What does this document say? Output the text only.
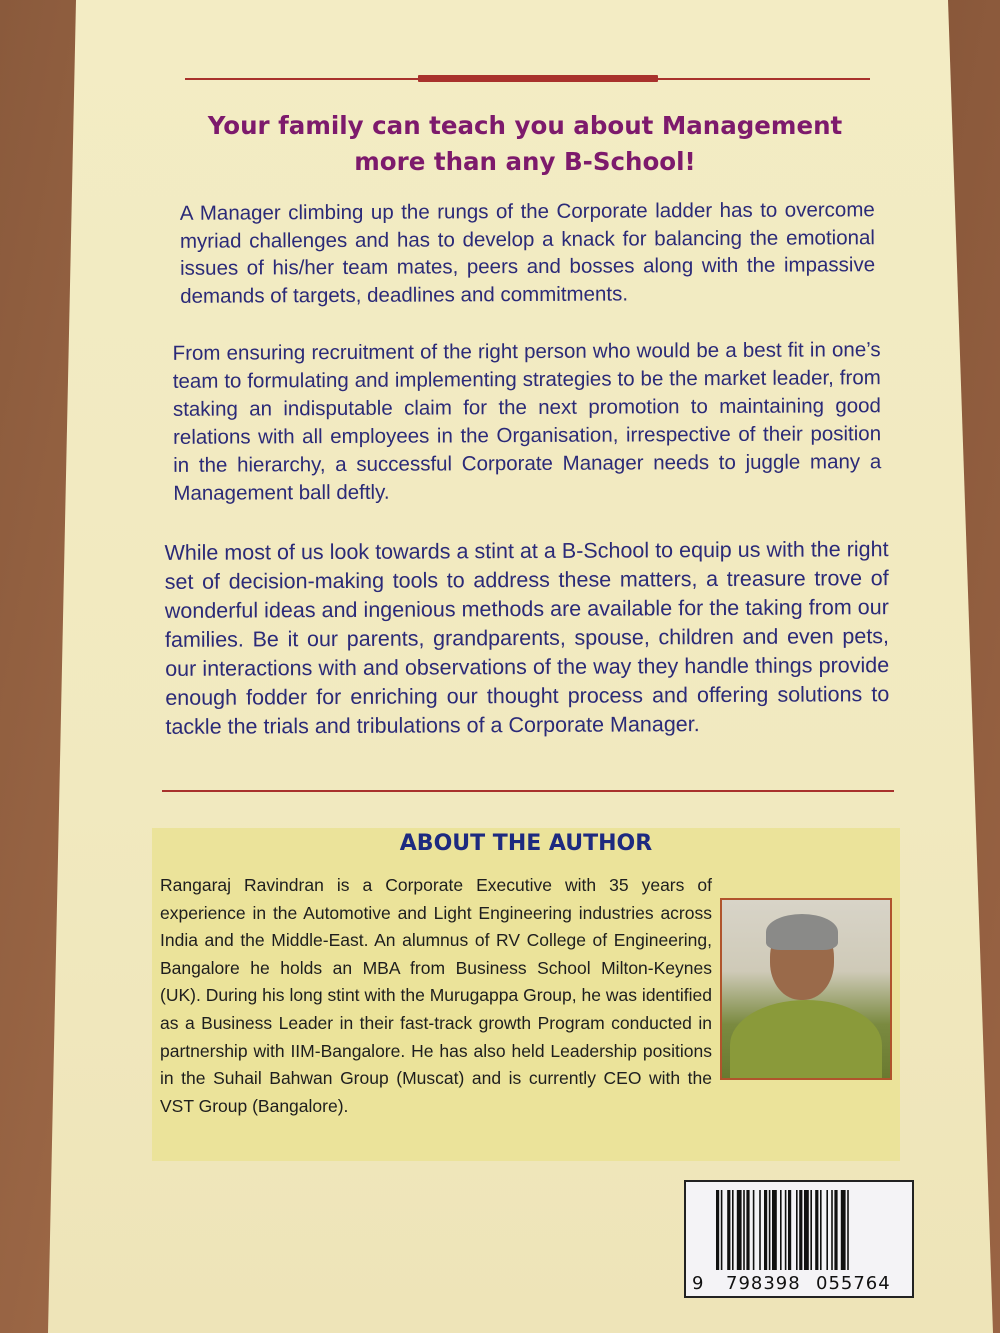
Your family can teach you about Management
more than any B-School!
A Manager climbing up the rungs of the Corporate ladder has to overcome myriad challenges and has to develop a knack for balancing the emotional issues of his/her team mates, peers and bosses along with the impassive demands of targets, deadlines and commitments.
From ensuring recruitment of the right person who would be a best fit in one’s team to formulating and implementing strategies to be the market leader, from staking an indisputable claim for the next promotion to maintaining good relations with all employees in the Organisation, irrespective of their position in the hierarchy, a successful Corporate Manager needs to juggle many a Management ball deftly.
While most of us look towards a stint at a B-School to equip us with the right set of decision-making tools to address these matters, a treasure trove of wonderful ideas and ingenious methods are available for the taking from our families. Be it our parents, grandparents, spouse, children and even pets, our interactions with and observations of the way they handle things provide enough fodder for enriching our thought process and offering solutions to tackle the trials and tribulations of a Corporate Manager.
ABOUT THE AUTHOR
Rangaraj Ravindran is a Corporate Executive with 35 years of experience in the Automotive and Light Engineering industries across India and the Middle-East. An alumnus of RV College of Engineering, Bangalore he holds an MBA from Business School Milton-Keynes (UK). During his long stint with the Murugappa Group, he was identified as a Business Leader in their fast-track growth Program conducted in partnership with IIM-Bangalore. He has also held Leadership positions in the Suhail Bahwan Group (Muscat) and is currently CEO with the VST Group (Bangalore).
9 798398 055764
